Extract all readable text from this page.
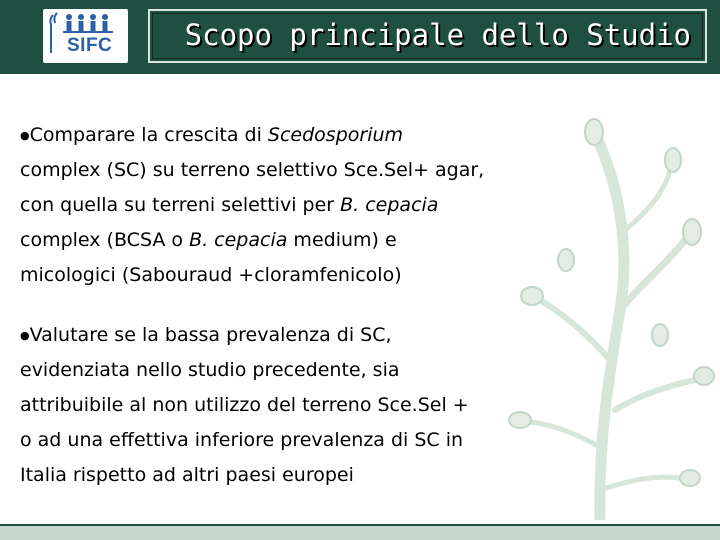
SIFC Scopo principale dello Studio
●Comparare la crescita di Scedosporium
complex (SC) su terreno selettivo Sce.Sel+ agar,
con quella su terreni selettivi per B. cepacia
complex (BCSA o B. cepacia medium) e
micologici (Sabouraud +cloramfenicolo)
●Valutare se la bassa prevalenza di SC,
evidenziata nello studio precedente, sia
attribuibile al non utilizzo del terreno Sce.Sel +
o ad una effettiva inferiore prevalenza di SC in
Italia rispetto ad altri paesi europei
